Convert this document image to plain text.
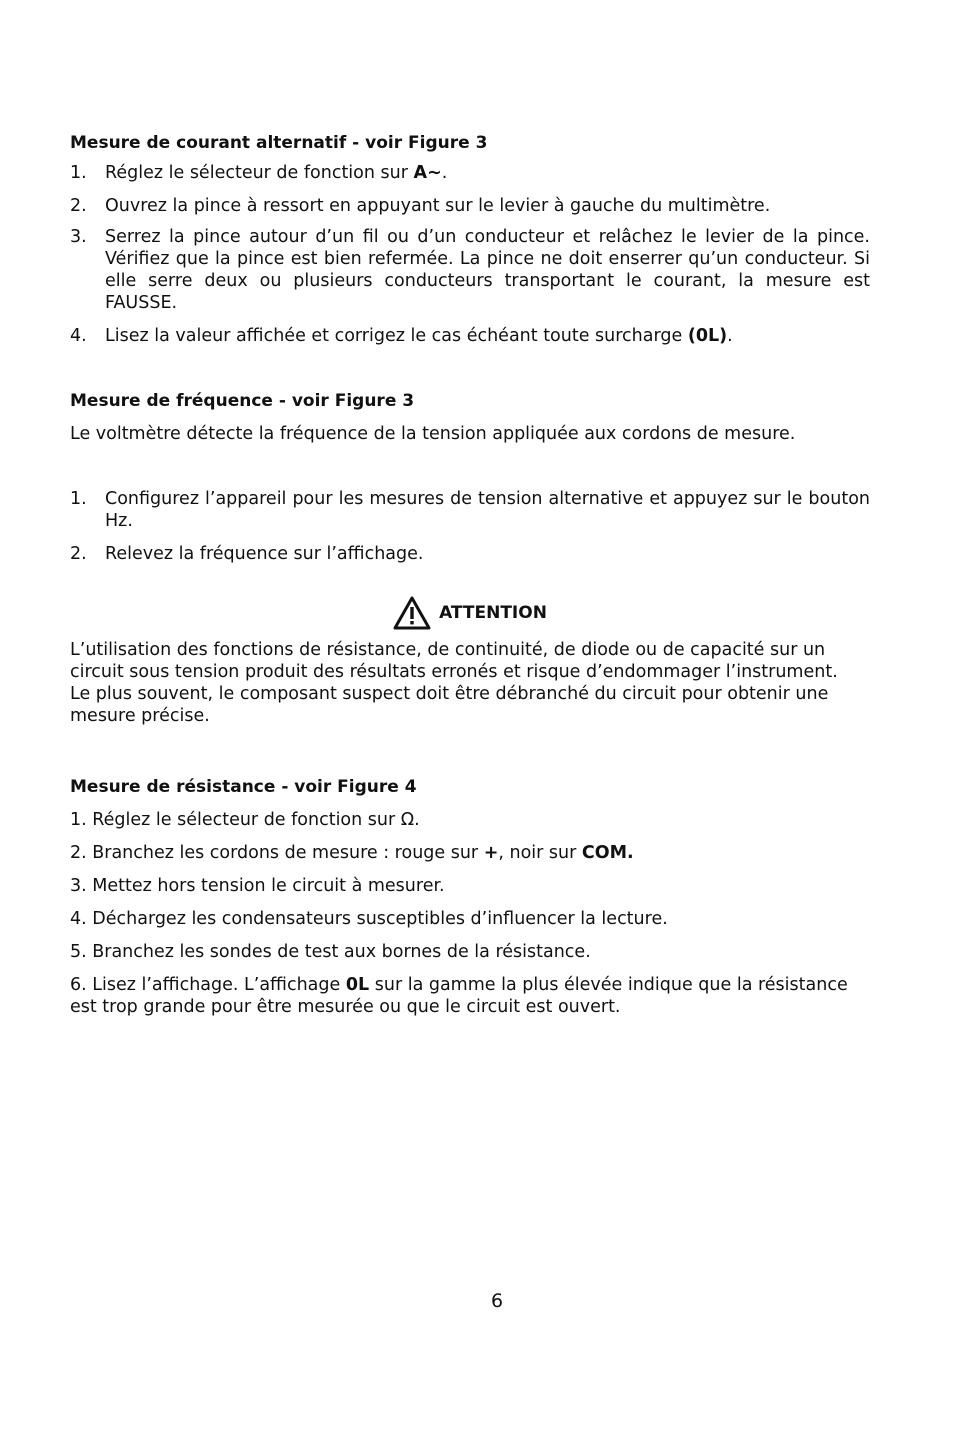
Mesure de courant alternatif - voir Figure 3
1.	Réglez le sélecteur de fonction sur A∼.
2.	Ouvrez la pince à ressort en appuyant sur le levier à gauche du multimètre.
3.	Serrez la pince autour d’un fil ou d’un conducteur et relâchez le levier de la pince. Vérifiez que la pince est bien refermée. La pince ne doit enserrer qu’un conducteur. Si elle serre deux ou plusieurs conducteurs transportant le courant, la mesure est FAUSSE.
4.	Lisez la valeur affichée et corrigez le cas échéant toute surcharge (0L).
Mesure de fréquence - voir Figure 3

Le voltmètre détecte la fréquence de la tension appliquée aux cordons de mesure.

1.	Configurez l’appareil pour les mesures de tension alternative et appuyez sur le bouton Hz.
2.	Relevez la fréquence sur l’affichage.
ATTENTION

L’utilisation des fonctions de résistance, de continuité, de diode ou de capacité sur un circuit sous tension produit des résultats erronés et risque d’endommager l’instrument. Le plus souvent, le composant suspect doit être débranché du circuit pour obtenir une mesure précise.

Mesure de résistance - voir Figure 4

1. Réglez le sélecteur de fonction sur Ω.

2. Branchez les cordons de mesure : rouge sur +, noir sur COM.

3. Mettez hors tension le circuit à mesurer.

4. Déchargez les condensateurs susceptibles d’influencer la lecture.

5. Branchez les sondes de test aux bornes de la résistance.

6. Lisez l’affichage. L’affichage 0L sur la gamme la plus élevée indique que la résistance est trop grande pour être mesurée ou que le circuit est ouvert.

6
